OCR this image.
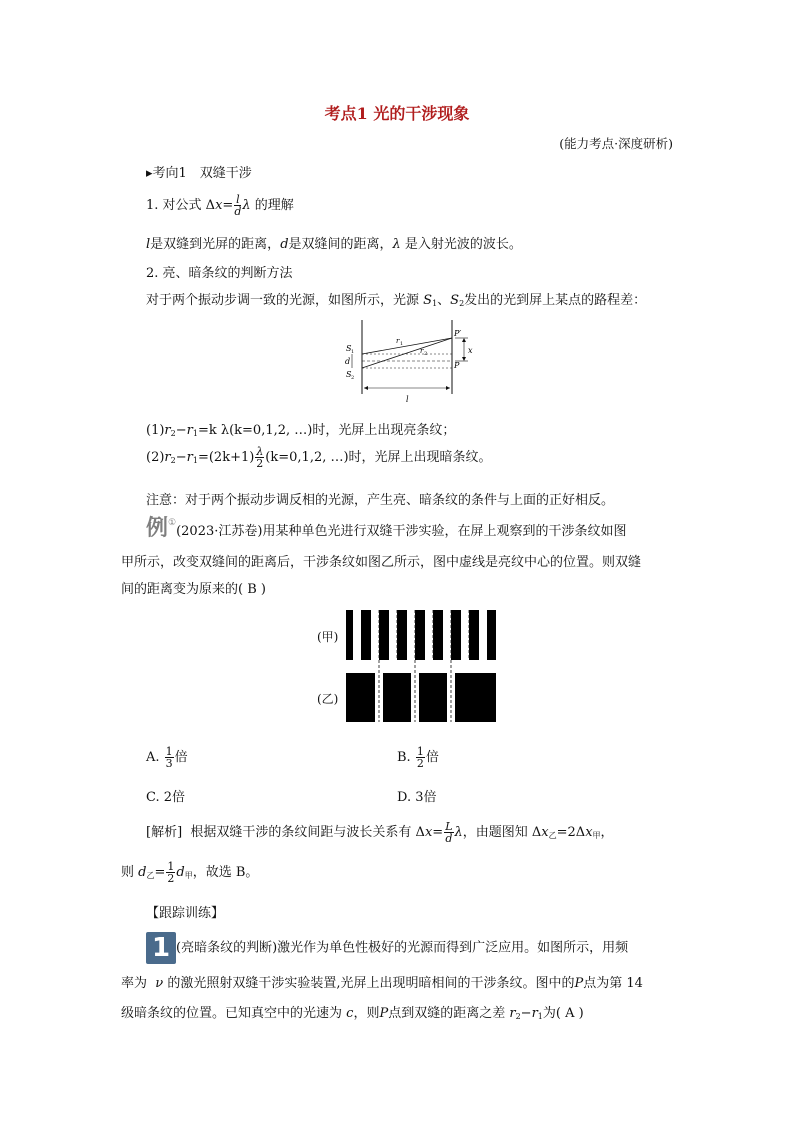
考点1 光的干涉现象
(能力考点·深度研析)
▸考向1　双缝干涉
1. 对公式 $\Delta x= \frac{l}{d}$ λ 的理解
l是双缝到光屏的距离，d是双缝间的距离，λ 是入射光波的波长。
2. 亮、暗条纹的判断方法
对于两个振动步调一致的光源，如图所示，光源 $S_1$、$S_2$发出的光到屏上某点的路程差：
S 1
d
S 2
r 1
r 2
P′
P
x
l
$(1)r_2-r_1=k$ λ(k=0,1,2, …)时，光屏上出现亮条纹；
$(2)r_2-r_1=(2k+1) \frac{\lambda}{2} (k=0,1,2$, …)时，光屏上出现暗条纹。
注意：对于两个振动步调反相的光源，产生亮、暗条纹的条件与上面的正好相反。
例①(2023·江苏卷)用某种单色光进行双缝干涉实验，在屏上观察到的干涉条纹如图
甲所示，改变双缝间的距离后，干涉条纹如图乙所示，图中虚线是亮纹中心的位置。则双缝
间的距离变为原来的( B )
(甲)
(乙)
A. $\frac{1}{3}$ 倍	B. $\frac{1}{2}$ 倍
C. 2倍	D. 3倍
[解析] 根据双缝干涉的条纹间距与波长关系有 $\Delta x= \frac{L}{d}$ λ，由题图知 $\Delta x_乙=2\Delta x_甲$，
则 $d_乙= \frac{1}{2} d_甲$，故选 B。
【跟踪训练】
1 (亮暗条纹的判断)激光作为单色性极好的光源而得到广泛应用。如图所示，用频
率为 ν 的激光照射双缝干涉实验装置,光屏上出现明暗相间的干涉条纹。图中的P点为第 14
级暗条纹的位置。已知真空中的光速为 c，则P点到双缝的距离之差 $r_2-r_1$为( A )
